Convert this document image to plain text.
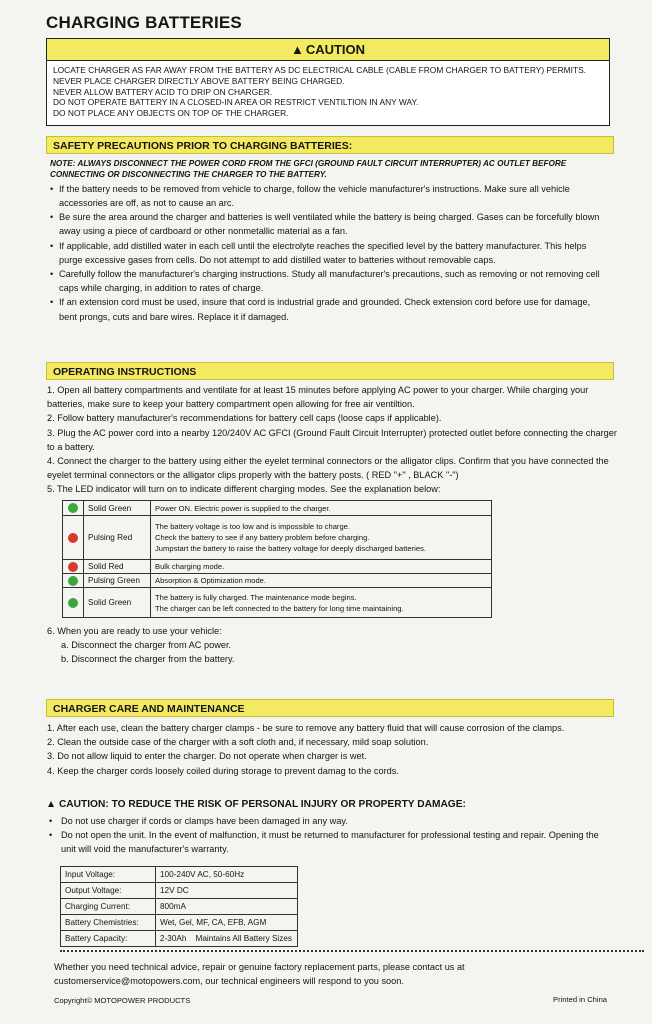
CHARGING BATTERIES
▲ CAUTION
LOCATE CHARGER AS FAR AWAY FROM THE BATTERY AS DC ELECTRICAL CABLE (CABLE FROM CHARGER TO BATTERY) PERMITS.
NEVER PLACE CHARGER DIRECTLY ABOVE BATTERY BEING CHARGED.
NEVER ALLOW BATTERY ACID TO DRIP ON CHARGER.
DO NOT OPERATE BATTERY IN A CLOSED-IN AREA OR RESTRICT VENTILTION IN ANY WAY.
DO NOT PLACE ANY OBJECTS ON TOP OF THE CHARGER.
SAFETY PRECAUTIONS PRIOR TO CHARGING BATTERIES:
NOTE: ALWAYS DISCONNECT THE POWER CORD FROM THE GFCI (GROUND FAULT CIRCUIT INTERRUPTER) AC OUTLET BEFORE CONNECTING OR DISCONNECTING THE CHARGER TO THE BATTERY.
• If the battery needs to be removed from vehicle to charge, follow the vehicle manufacturer's instructions. Make sure all vehicle accessories are off, as not to cause an arc.
• Be sure the area around the charger and batteries is well ventilated while the battery is being charged. Gases can be forcefully blown away using a piece of cardboard or other nonmetallic material as a fan.
• If applicable, add distilled water in each cell until the electrolyte reaches the specified level by the battery manufacturer. This helps purge excessive gases from cells. Do not attempt to add distilled water to batteries without removable caps.
• Carefully follow the manufacturer's charging instructions. Study all manufacturer's precautions, such as removing or not removing cell caps while charging, in addition to rates of charge.
• If an extension cord must be used, insure that cord is industrial grade and grounded. Check extension cord before use for damage, bent prongs, cuts and bare wires. Replace it if damaged.
OPERATING INSTRUCTIONS
1. Open all battery compartments and ventilate for at least 15 minutes before applying AC power to your charger. While charging your batteries, make sure to keep your battery compartment open allowing for free air ventiltion.
2. Follow battery manufacturer's recommendations for battery cell caps (loose caps if applicable).
3. Plug the AC power cord into a nearby 120/240V AC GFCI (Ground Fault Circuit Interrupter) protected outlet before connecting the charger to a battery.
4. Connect the charger to the battery using either the eyelet terminal connectors or the alligator clips. Confirm that you have connected the eyelet terminal connectors or the alligator clips properly with the battery posts. ( RED "+" , BLACK "-")
5. The LED indicator will turn on to indicate different charging modes. See the explanation below:
	Solid Green	Power ON. Electric power is supplied to the charger.

	Pulsing Red	The battery voltage is too low and is impossible to charge.
Check the battery to see if any battery problem before charging.
Jumpstart the battery to raise the battery voltage for deeply discharged batteries.

	Solid Red	Bulk charging mode.

	Pulsing Green	Absorption & Optimization mode.

	Solid Green	The battery is fully charged. The maintenance mode begins.
The charger can be left connected to the battery for long time maintaining.
6. When you are ready to use your vehicle:
a. Disconnect the charger from AC power.
b. Disconnect the charger from the battery.
CHARGER CARE AND MAINTENANCE
1. After each use, clean the battery charger clamps - be sure to remove any battery fluid that will cause corrosion of the clamps.
2. Clean the outside case of the charger with a soft cloth and, if necessary, mild soap solution.
3. Do not allow liquid to enter the charger. Do not operate when charger is wet.
4. Keep the charger cords loosely coiled during storage to prevent damag to the cords.
▲ CAUTION: TO REDUCE THE RISK OF PERSONAL INJURY OR PROPERTY DAMAGE:
• Do not use charger if cords or clamps have been damaged in any way.
• Do not open the unit. In the event of malfunction, it must be returned to manufacturer for professional testing and repair. Opening the unit will void the manufacturer's warranty.
Input Voltage:	100-240V AC, 50-60Hz
Output Voltage:	12V DC
Charging Current:	800mA
Battery Chemistries:	Wet, Gel, MF, CA, EFB, AGM
Battery Capacity:	2-30Ah    Maintains All Battery Sizes
Whether you need technical advice, repair or genuine factory replacement parts, please contact us at
customerservice@motopowers.com, our technical engineers will respond to you soon.
Copyright© MOTOPOWER PRODUCTS	Printed in China
